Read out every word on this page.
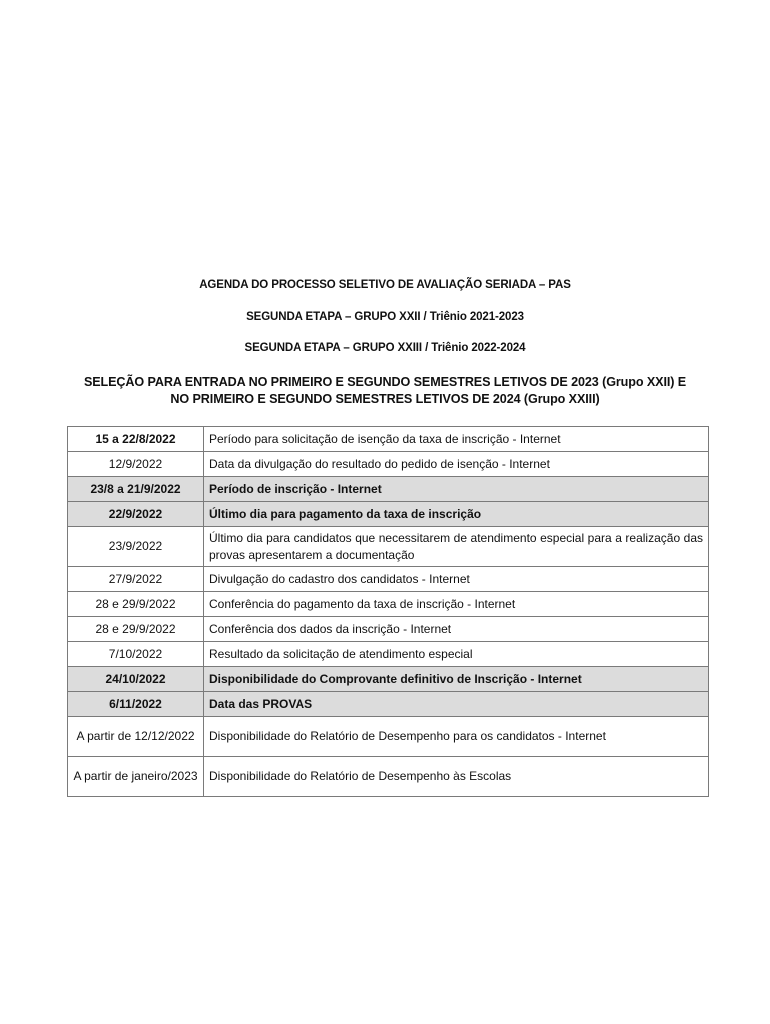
AGENDA DO PROCESSO SELETIVO DE AVALIAÇÃO SERIADA – PAS
SEGUNDA ETAPA – GRUPO XXII / Triênio 2021-2023
SEGUNDA ETAPA – GRUPO XXIII / Triênio 2022-2024
SELEÇÃO PARA ENTRADA NO PRIMEIRO E SEGUNDO SEMESTRES LETIVOS DE 2023 (Grupo XXII) E
NO PRIMEIRO E SEGUNDO SEMESTRES LETIVOS DE 2024 (Grupo XXIII)
15 a 22/8/2022	Período para solicitação de isenção da taxa de inscrição - Internet
12/9/2022	Data da divulgação do resultado do pedido de isenção - Internet
23/8 a 21/9/2022	Período de inscrição - Internet
22/9/2022	Último dia para pagamento da taxa de inscrição
23/9/2022	Último dia para candidatos que necessitarem de atendimento especial para a realização das provas apresentarem a documentação
27/9/2022	Divulgação do cadastro dos candidatos - Internet
28 e 29/9/2022	Conferência do pagamento da taxa de inscrição - Internet
28 e 29/9/2022	Conferência dos dados da inscrição - Internet
7/10/2022	Resultado da solicitação de atendimento especial
24/10/2022	Disponibilidade do Comprovante definitivo de Inscrição - Internet
6/11/2022	Data das PROVAS
A partir de 12/12/2022	Disponibilidade do Relatório de Desempenho para os candidatos - Internet
A partir de janeiro/2023	Disponibilidade do Relatório de Desempenho às Escolas
